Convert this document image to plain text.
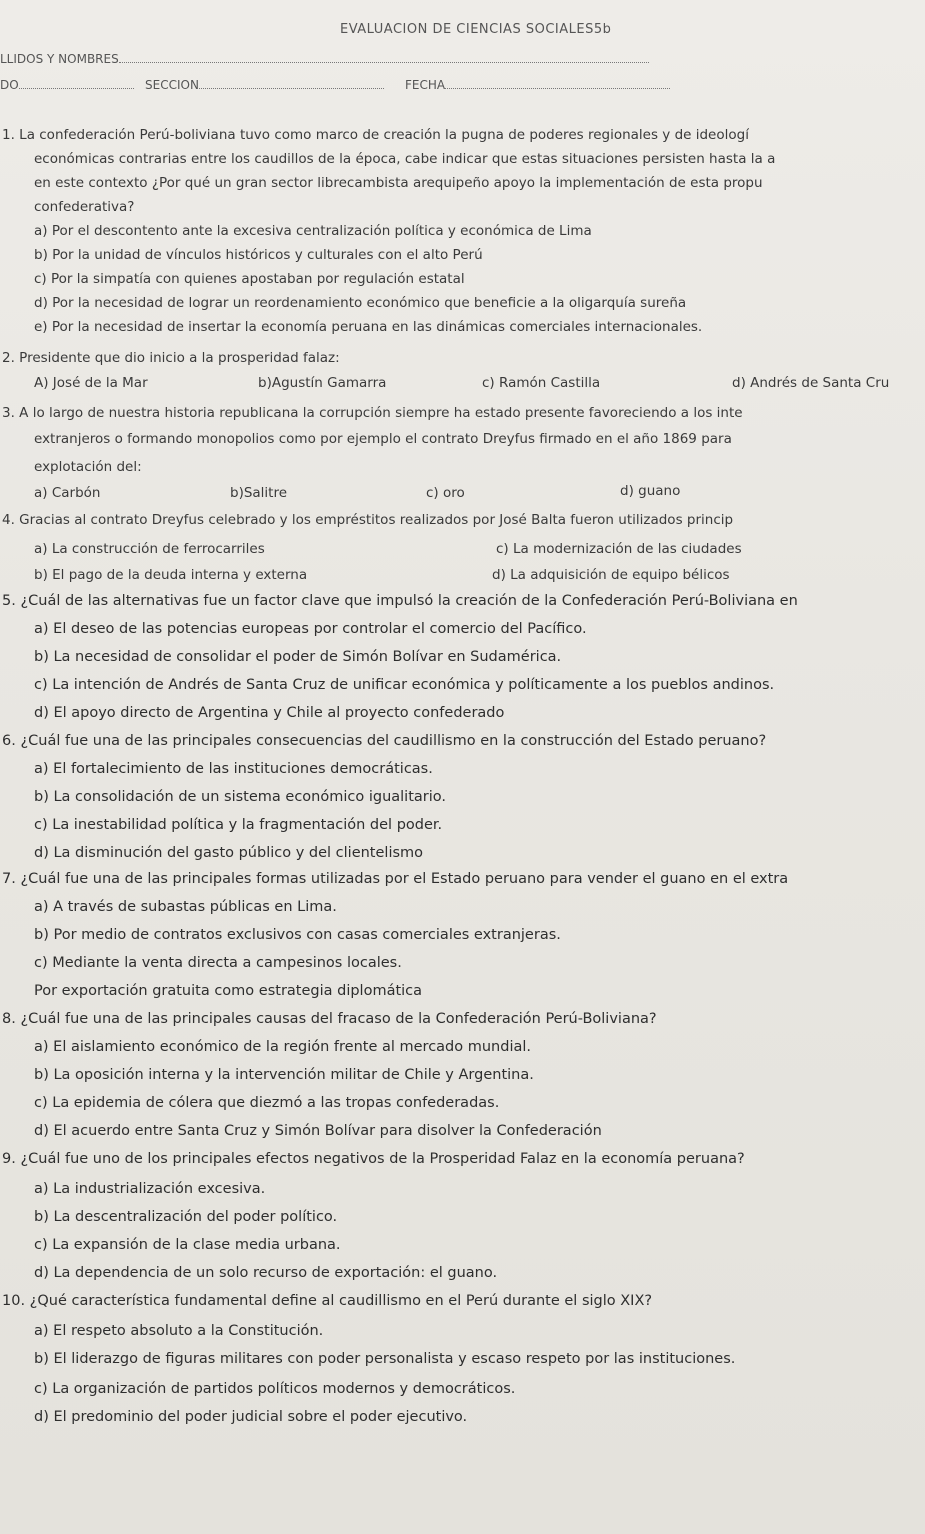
EVALUACION DE CIENCIAS SOCIALES5b
LLIDOS Y NOMBRES
DO	SECCION	FECHA
1. La confederación Perú-boliviana tuvo como marco de creación la pugna de poderes regionales y de ideologí
económicas contrarias entre los caudillos de la época, cabe indicar que estas situaciones persisten hasta la a
en este contexto ¿Por qué un gran sector librecambista arequipeño apoyo la implementación de esta propu
confederativa?
a) Por el descontento ante la excesiva centralización política y económica de Lima
b) Por la unidad de vínculos históricos y culturales con el alto Perú
c) Por la simpatía con quienes apostaban por regulación estatal
d) Por la necesidad de lograr un reordenamiento económico que beneficie a la oligarquía sureña
e) Por la necesidad de insertar la economía peruana en las dinámicas comerciales internacionales.
2. Presidente que dio inicio a la prosperidad falaz:
A) José de la Mar	b)Agustín Gamarra	c) Ramón Castilla	d) Andrés de Santa Cru
3. A lo largo de nuestra historia republicana la corrupción siempre ha estado presente favoreciendo a los inte
extranjeros o formando monopolios como por ejemplo el contrato Dreyfus firmado en el año 1869 para
explotación del:
a) Carbón	b)Salitre	c) oro	d) guano
4. Gracias al contrato Dreyfus celebrado y los empréstitos realizados por José Balta fueron utilizados princip
a) La construcción de ferrocarriles	c) La modernización de las ciudades
b) El pago de la deuda interna y externa	d) La adquisición de equipo bélicos
5. ¿Cuál de las alternativas fue un factor clave que impulsó la creación de la Confederación Perú-Boliviana en
a) El deseo de las potencias europeas por controlar el comercio del Pacífico.
b) La necesidad de consolidar el poder de Simón Bolívar en Sudamérica.
c) La intención de Andrés de Santa Cruz de unificar económica y políticamente a los pueblos andinos.
d) El apoyo directo de Argentina y Chile al proyecto confederado
6. ¿Cuál fue una de las principales consecuencias del caudillismo en la construcción del Estado peruano?
a) El fortalecimiento de las instituciones democráticas.
b) La consolidación de un sistema económico igualitario.
c) La inestabilidad política y la fragmentación del poder.
d) La disminución del gasto público y del clientelismo
7. ¿Cuál fue una de las principales formas utilizadas por el Estado peruano para vender el guano en el extra
a) A través de subastas públicas en Lima.
b) Por medio de contratos exclusivos con casas comerciales extranjeras.
c) Mediante la venta directa a campesinos locales.
Por exportación gratuita como estrategia diplomática
8. ¿Cuál fue una de las principales causas del fracaso de la Confederación Perú-Boliviana?
a) El aislamiento económico de la región frente al mercado mundial.
b) La oposición interna y la intervención militar de Chile y Argentina.
c) La epidemia de cólera que diezmó a las tropas confederadas.
d) El acuerdo entre Santa Cruz y Simón Bolívar para disolver la Confederación
9. ¿Cuál fue uno de los principales efectos negativos de la Prosperidad Falaz en la economía peruana?
a) La industrialización excesiva.
b) La descentralización del poder político.
c) La expansión de la clase media urbana.
d) La dependencia de un solo recurso de exportación: el guano.
10. ¿Qué característica fundamental define al caudillismo en el Perú durante el siglo XIX?
a) El respeto absoluto a la Constitución.
b) El liderazgo de figuras militares con poder personalista y escaso respeto por las instituciones.
c) La organización de partidos políticos modernos y democráticos.
d) El predominio del poder judicial sobre el poder ejecutivo.
